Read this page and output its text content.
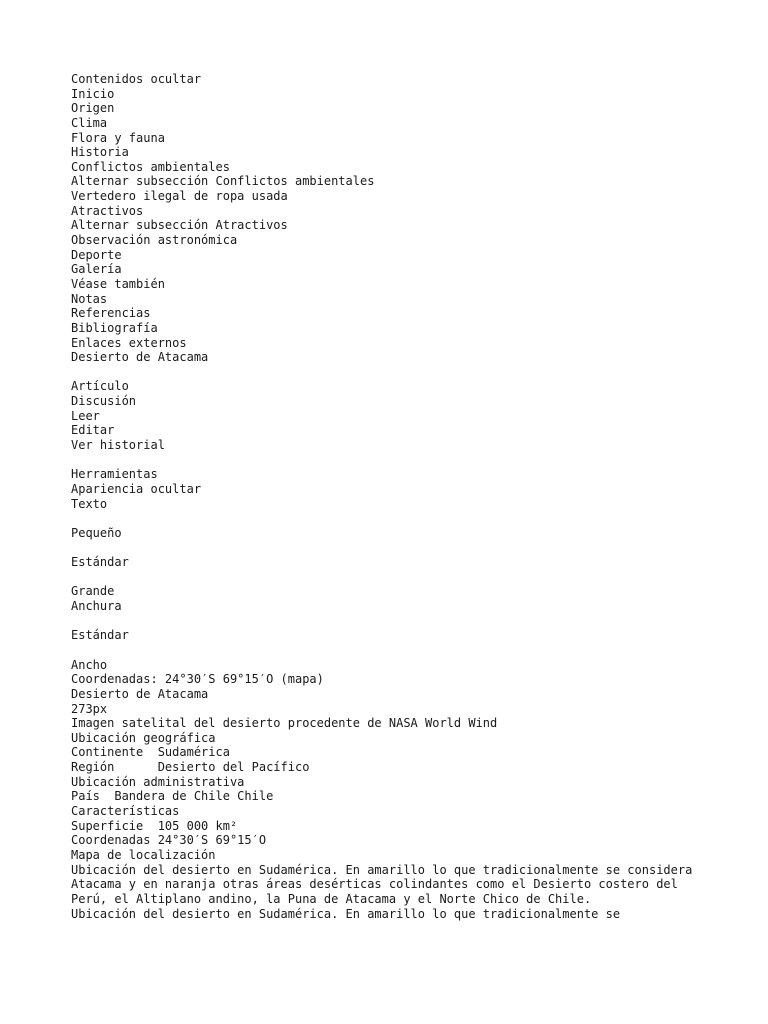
Contenidos ocultar
Inicio
Origen
Clima
Flora y fauna
Historia
Conflictos ambientales
Alternar subsección Conflictos ambientales
Vertedero ilegal de ropa usada
Atractivos
Alternar subsección Atractivos
Observación astronómica
Deporte
Galería
Véase también
Notas
Referencias
Bibliografía
Enlaces externos
Desierto de Atacama
Artículo
Discusión
Leer
Editar
Ver historial
Herramientas
Apariencia ocultar
Texto
Pequeño
Estándar
Grande
Anchura
Estándar
Ancho
Coordenadas: 24°30′S 69°15′O (mapa)
Desierto de Atacama
273px
Imagen satelital del desierto procedente de NASA World Wind
Ubicación geográfica
Continente  Sudamérica
Región      Desierto del Pacífico
Ubicación administrativa
País  Bandera de Chile Chile
Características
Superficie  105 000 km²
Coordenadas 24°30′S 69°15′O
Mapa de localización
Ubicación del desierto en Sudamérica. En amarillo lo que tradicionalmente se considera Atacama y en naranja otras áreas desérticas colindantes como el Desierto costero del Perú, el Altiplano andino, la Puna de Atacama y el Norte Chico de Chile.
Ubicación del desierto en Sudamérica. En amarillo lo que tradicionalmente se
